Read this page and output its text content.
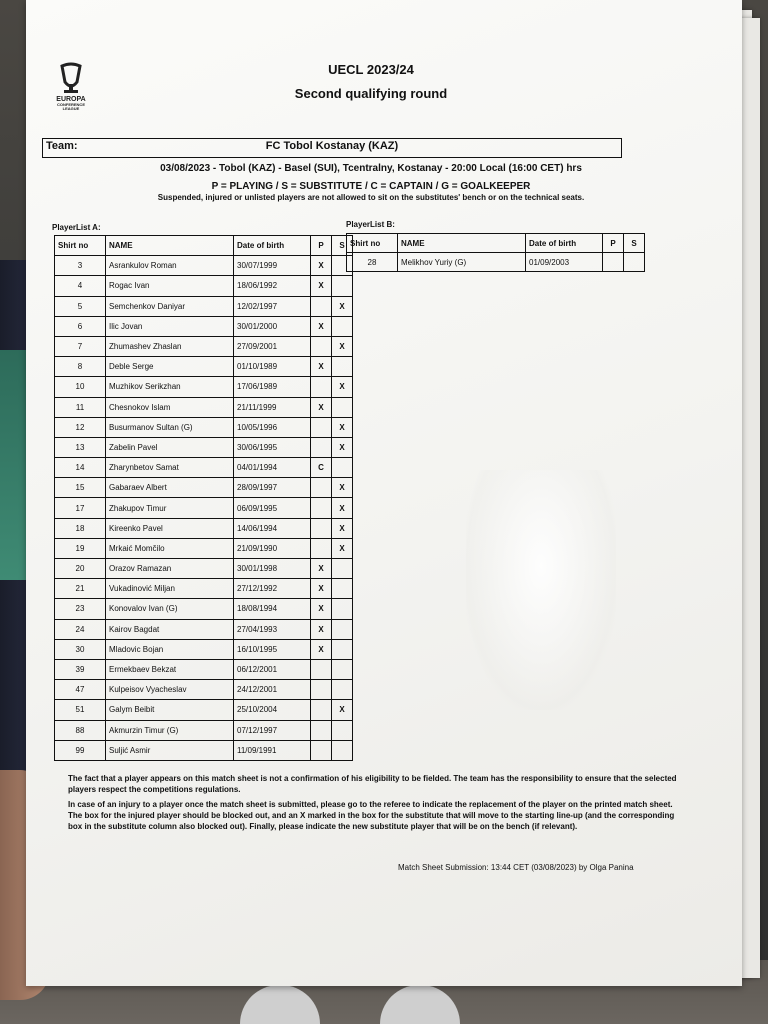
EUROPA
CONFERENCE
LEAGUE
UECL 2023/24
Second qualifying round
FC Tobol Kostanay (KAZ)
Team:
03/08/2023 - Tobol (KAZ) - Basel (SUI), Tcentralny, Kostanay - 20:00 Local (16:00 CET) hrs
P = PLAYING / S = SUBSTITUTE / C = CAPTAIN / G = GOALKEEPER
Suspended, injured or unlisted players are not allowed to sit on the substitutes' bench or on the technical seats.
PlayerList A:	PlayerList B:
Shirt no	NAME	Date of birth	P	S
3	Asrankulov Roman	30/07/1999	X	
4	Rogac Ivan	18/06/1992	X	
5	Semchenkov Daniyar	12/02/1997		X
6	Ilic Jovan	30/01/2000	X	
7	Zhumashev Zhaslan	27/09/2001		X
8	Deble Serge	01/10/1989	X	
10	Muzhikov Serikzhan	17/06/1989		X
11	Chesnokov Islam	21/11/1999	X	
12	Busurmanov Sultan (G)	10/05/1996		X
13	Zabelin Pavel	30/06/1995		X
14	Zharynbetov Samat	04/01/1994	C	
15	Gabaraev Albert	28/09/1997		X
17	Zhakupov Timur	06/09/1995		X
18	Kireenko Pavel	14/06/1994		X
19	Mrkaić Momčilo	21/09/1990		X
20	Orazov Ramazan	30/01/1998	X	
21	Vukadinović Miljan	27/12/1992	X	
23	Konovalov Ivan (G)	18/08/1994	X	
24	Kairov Bagdat	27/04/1993	X	
30	Mladovic Bojan	16/10/1995	X	
39	Ermekbaev Bekzat	06/12/2001		
47	Kulpeisov Vyacheslav	24/12/2001		
51	Galym Beibit	25/10/2004		X
88	Akmurzin Timur (G)	07/12/1997		
99	Suljić Asmir	11/09/1991		
Shirt no	NAME	Date of birth	P	S
28	Melikhov Yuriy (G)	01/09/2003		
The fact that a player appears on this match sheet is not a confirmation of his eligibility to be fielded. The team has the responsibility to ensure that the selected players respect the competitions regulations.
In case of an injury to a player once the match sheet is submitted, please go to the referee to indicate the replacement of the player on the printed match sheet. The box for the injured player should be blocked out, and an X marked in the box for the substitute that will move to the starting line-up (and the corresponding box in the substitute column also blocked out). Finally, please indicate the new substitute player that will be on the bench (if relevant).
Match Sheet Submission: 13:44 CET (03/08/2023) by Olga Panina
